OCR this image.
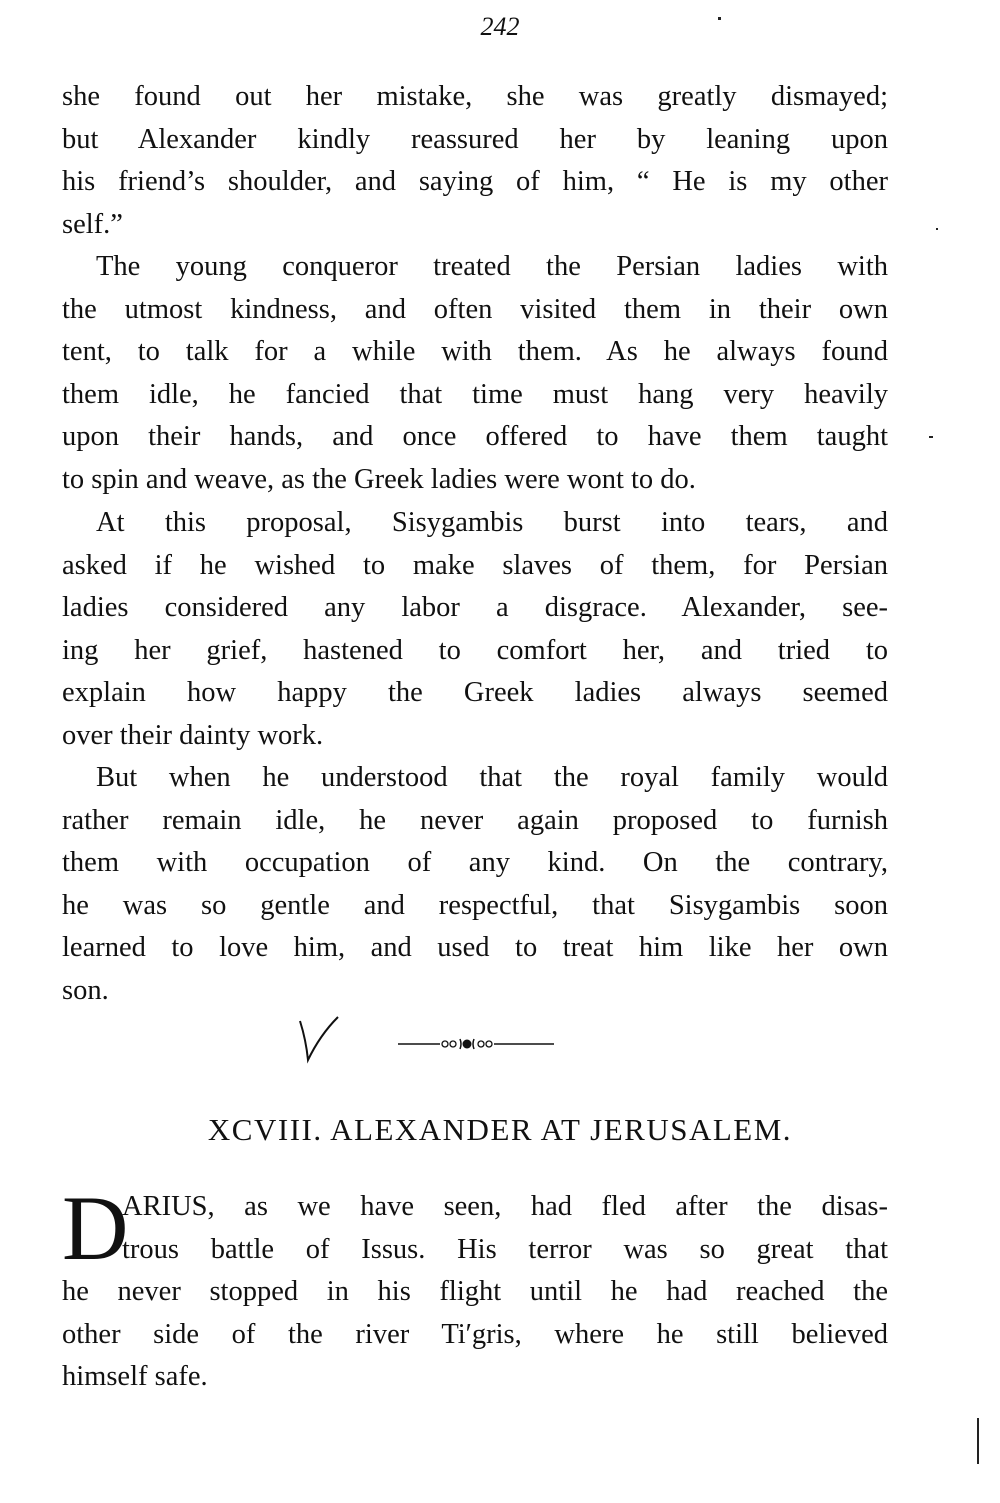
242
she found out her mistake, she was greatly dismayed;
but Alexander kindly reassured her by leaning upon
his friend’s shoulder, and saying of him, “ He is my other
self.”
The young conqueror treated the Persian ladies with
the utmost kindness, and often visited them in their own
tent, to talk for a while with them. As he always found
them idle, he fancied that time must hang very heavily
upon their hands, and once offered to have them taught
to spin and weave, as the Greek ladies were wont to do.
At this proposal, Sisygambis burst into tears, and
asked if he wished to make slaves of them, for Persian
ladies considered any labor a disgrace. Alexander, see-
ing her grief, hastened to comfort her, and tried to
explain how happy the Greek ladies always seemed
over their dainty work.
But when he understood that the royal family would
rather remain idle, he never again proposed to furnish
them with occupation of any kind. On the contrary,
he was so gentle and respectful, that Sisygambis soon
learned to love him, and used to treat him like her own
son.
XCVIII. ALEXANDER AT JERUSALEM.
D
ARIUS, as we have seen, had fled after the disas-
trous battle of Issus. His terror was so great that
he never stopped in his flight until he had reached the
other side of the river Ti′gris, where he still believed
himself safe.
